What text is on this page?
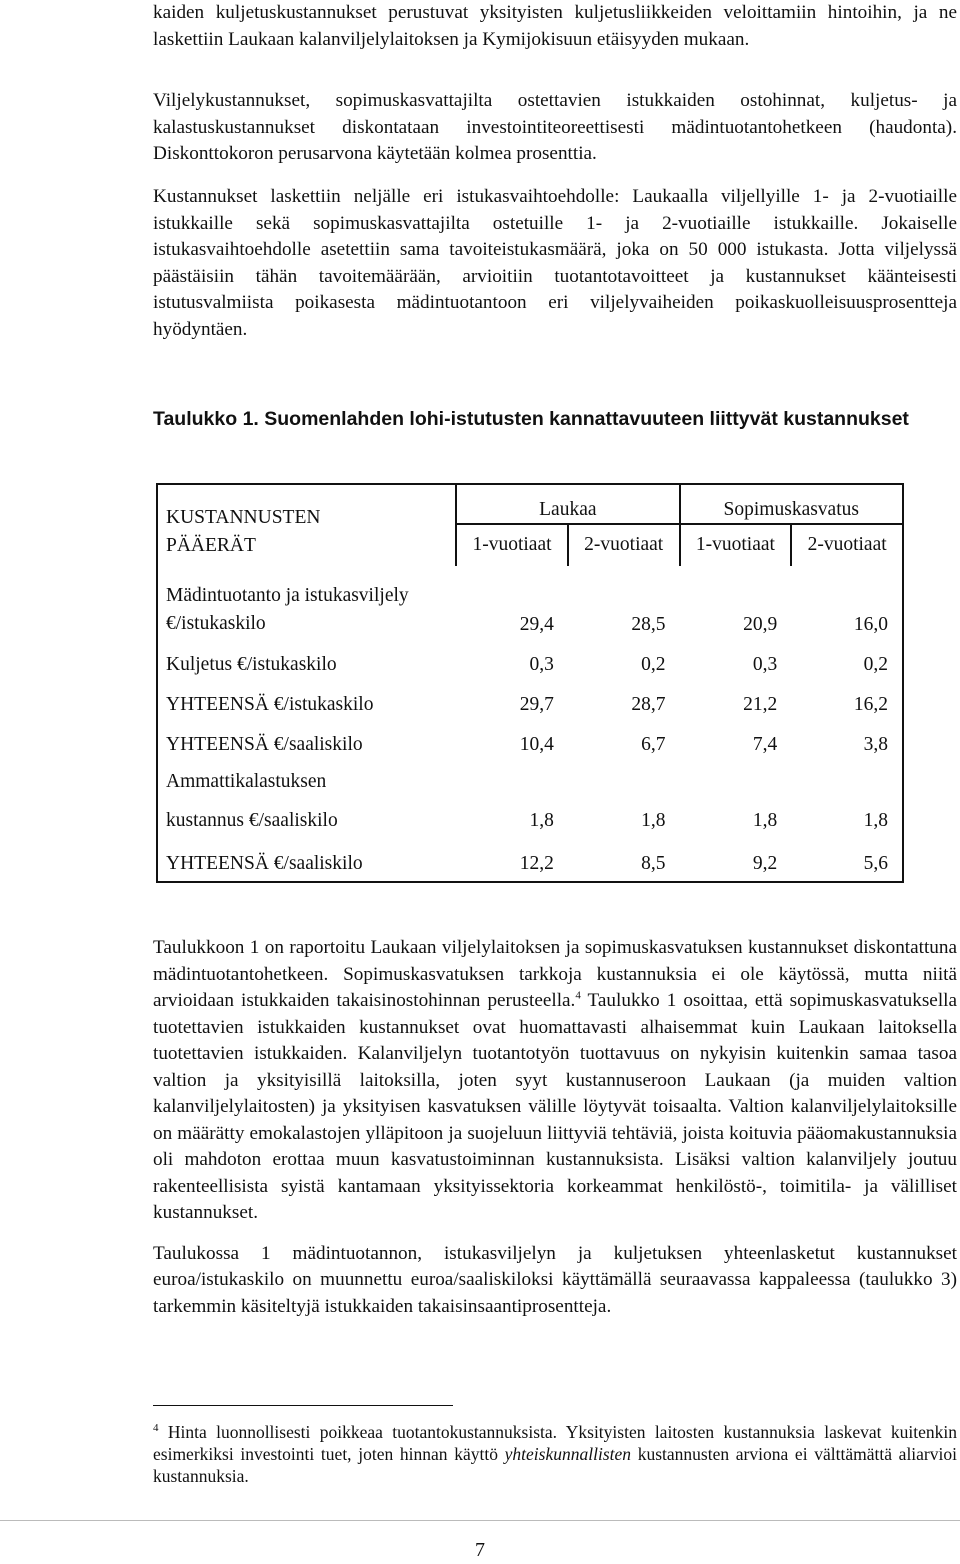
kaiden kuljetuskustannukset perustuvat yksityisten kuljetusliikkeiden veloittamiin hintoihin, ja ne laskettiin Laukaan kalanviljelylaitoksen ja Kymijokisuun etäisyyden mukaan.

Viljelykustannukset, sopimuskasvattajilta ostettavien istukkaiden ostohinnat, kuljetus- ja kalastuskustannukset diskontataan investointiteoreettisesti mädintuotantohetkeen (haudonta). Diskonttokoron perusarvona käytetään kolmea prosenttia.

Kustannukset laskettiin neljälle eri istukasvaihtoehdolle: Laukaalla viljellyille 1- ja 2-vuotiaille istukkaille sekä sopimuskasvattajilta ostetuille 1- ja 2-vuotiaille istukkaille. Jokaiselle istukasvaihtoehdolle asetettiin sama tavoiteistukasmäärä, joka on 50 000 istukasta. Jotta viljelyssä päästäisiin tähän tavoitemäärään, arvioitiin tuotantotavoitteet ja kustannukset käänteisesti istutusvalmiista poikasesta mädintuotantoon eri viljelyvaiheiden poikaskuolleisuusprosentteja hyödyntäen.

Taulukko 1. Suomenlahden lohi-istutusten kannattavuuteen liittyvät kustannukset

KUSTANNUSTEN
PÄÄERÄT	Laukaa		Sopimuskasvatus	
	1-vuotiaat	2-vuotiaat	1-vuotiaat	2-vuotiaat

Mädintuotanto ja istukasviljely
€/istukaskilo	29,4	28,5	20,9	16,0
Kuljetus €/istukaskilo	0,3	0,2	0,3	0,2
YHTEENSÄ €/istukaskilo	29,7	28,7	21,2	16,2
YHTEENSÄ €/saaliskilo	10,4	6,7	7,4	3,8

Ammattikalastuksen
kustannus €/saaliskilo	1,8	1,8	1,8	1,8
YHTEENSÄ €/saaliskilo	12,2	8,5	9,2	5,6

Taulukkoon 1 on raportoitu Laukaan viljelylaitoksen ja sopimuskasvatuksen kustannukset diskontattuna mädintuotantohetkeen. Sopimuskasvatuksen tarkkoja kustannuksia ei ole käytössä, mutta niitä arvioidaan istukkaiden takaisinostohinnan perusteella.$^4$ Taulukko 1 osoittaa, että sopimuskasvatuksella tuotettavien istukkaiden kustannukset ovat huomattavasti alhaisemmat kuin Laukaan laitoksella tuotettavien istukkaiden. Kalanviljelyn tuotantotyön tuottavuus on nykyisin kuitenkin samaa tasoa valtion ja yksityisillä laitoksilla, joten syyt kustannuseroon Laukaan (ja muiden valtion kalanviljelylaitosten) ja yksityisen kasvatuksen välille löytyvät toisaalta. Valtion kalanviljelylaitoksille on määrätty emokalastojen ylläpitoon ja suojeluun liittyviä tehtäviä, joista koituvia pääomakustannuksia oli mahdoton erottaa muun kasvatustoiminnan kustannuksista. Lisäksi valtion kalanviljely joutuu rakenteellisista syistä kantamaan yksityissektoria korkeammat henkilöstö-, toimitila- ja välilliset kustannukset.

Taulukossa 1 mädintuotannon, istukasviljelyn ja kuljetuksen yhteenlasketut kustannukset euroa/istukaskilo on muunnettu euroa/saaliskiloksi käyttämällä seuraavassa kappaleessa (taulukko 3) tarkemmin käsiteltyjä istukkaiden takaisinsaantiprosentteja.

$^4$ Hinta luonnollisesti poikkeaa tuotantokustannuksista. Yksityisten laitosten kustannuksia laskevat kuitenkin esimerkiksi investointi tuet, joten hinnan käyttö yhteiskunnallisten kustannusten arviona ei välttämättä aliarvioi kustannuksia.

7
